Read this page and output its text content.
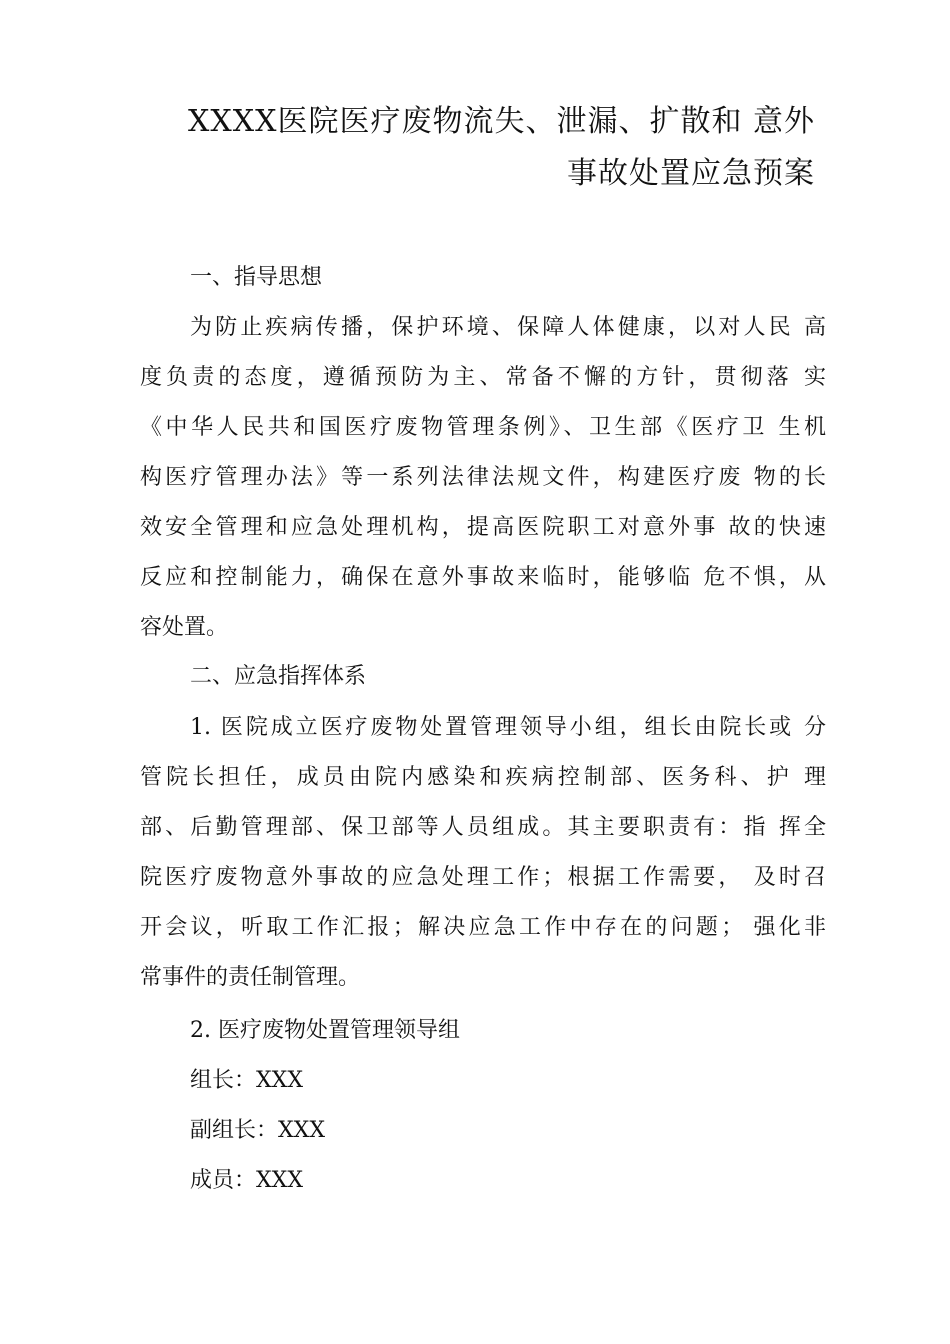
XXXX医院医疗废物流失、泄漏、扩散和 意外
事故处置应急预案
一、指导思想
为防止疾病传播，保护环境、保障人体健康，以对人民 高
度负责的态度，遵循预防为主、常备不懈的方针，贯彻落 实
《中华人民共和国医疗废物管理条例》、卫生部《医疗卫 生机
构医疗管理办法》等一系列法律法规文件，构建医疗废 物的长
效安全管理和应急处理机构，提高医院职工对意外事 故的快速
反应和控制能力，确保在意外事故来临时，能够临 危不惧，从
容处置。
二、应急指挥体系
1. 医院成立医疗废物处置管理领导小组，组长由院长或 分
管院长担任，成员由院内感染和疾病控制部、医务科、护 理
部、后勤管理部、保卫部等人员组成。其主要职责有：指 挥全
院医疗废物意外事故的应急处理工作；根据工作需要， 及时召
开会议，听取工作汇报；解决应急工作中存在的问题； 强化非
常事件的责任制管理。
2. 医疗废物处置管理领导组
组长：XXX
副组长：XXX
成员：XXX
